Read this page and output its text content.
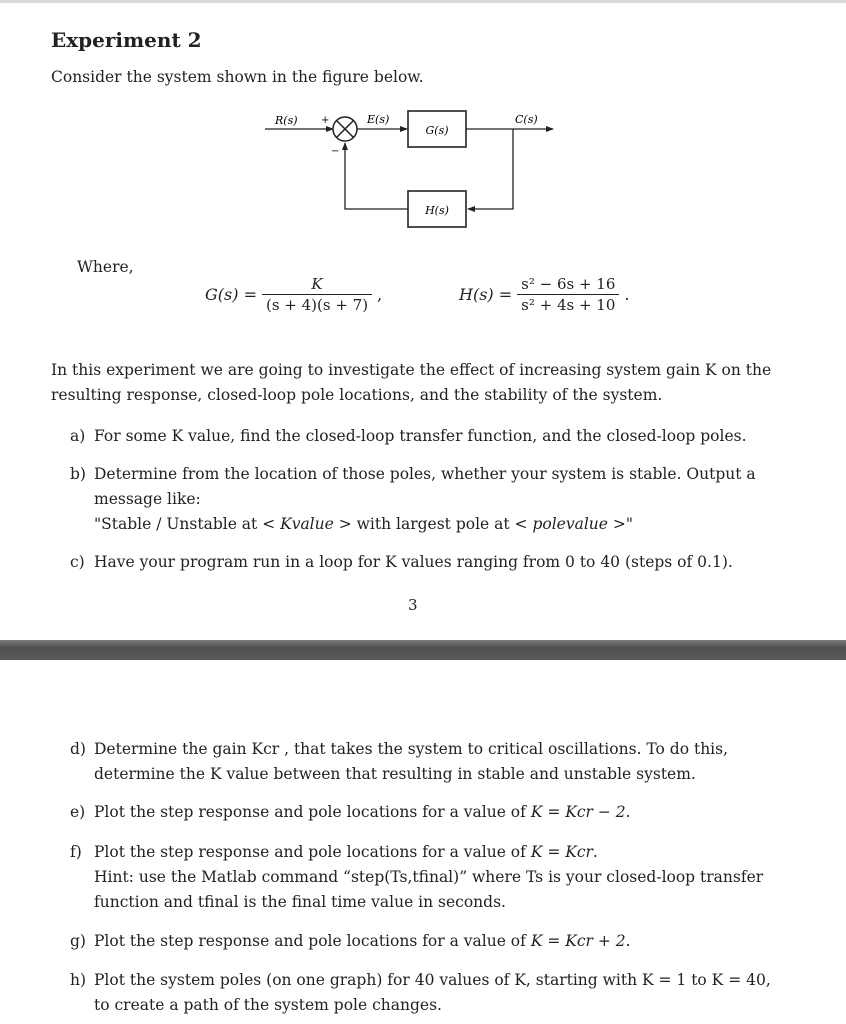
Experiment 2
Consider the system shown in the figure below.
R(s) +	E(s)
G(s)
C(s)
H(s)
−
Where,
$G(s) = \frac{K}{(s + 4)(s + 7)}$ ,	$H(s) = \frac{\text{s² − 6s + 16}}{\text{s² + 4s + 10}}$ .
In this experiment we are going to investigate the effect of increasing system gain K on the resulting response, closed-loop pole locations, and the stability of the system.
a) For some K value, find the closed-loop transfer function, and the closed-loop poles.
b) Determine from the location of those poles, whether your system is stable. Output a message like:
"Stable / Unstable at < Kvalue > with largest pole at < polevalue >"
c) Have your program run in a loop for K values ranging from 0 to 40 (steps of 0.1).
3
d) Determine the gain Kcr , that takes the system to critical oscillations. To do this, determine the K value between that resulting in stable and unstable system.
e) Plot the step response and pole locations for a value of K = Kcr − 2.
f) Plot the step response and pole locations for a value of K = Kcr.
Hint: use the Matlab command “step(Ts,tfinal)” where Ts is your closed-loop transfer function and tfinal is the final time value in seconds.
g) Plot the step response and pole locations for a value of K = Kcr + 2.
h) Plot the system poles (on one graph) for 40 values of K, starting with K = 1 to K = 40, to create a path of the system pole changes.
